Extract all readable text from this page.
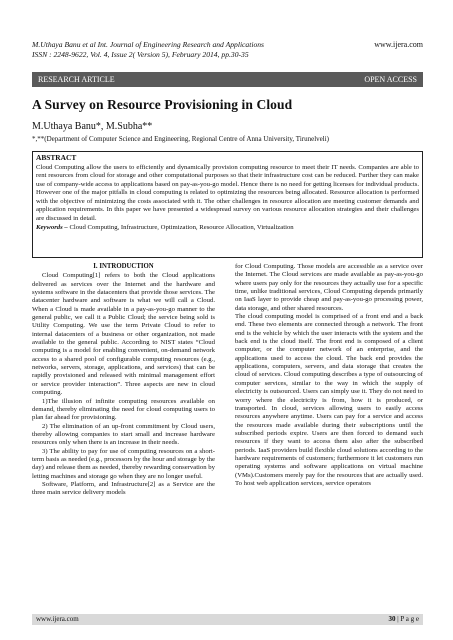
M.Uthaya Banu et al Int. Journal of Engineering Research and Applications
ISSN : 2248-9622, Vol. 4, Issue 2( Version 5), February 2014, pp.30-35
www.ijera.com
RESEARCH ARTICLE	OPEN ACCESS
A Survey on Resource Provisioning in Cloud
M.Uthaya Banu*, M.Subha**
*,**(Department of Computer Science and Engineering, Regional Centre of Anna University, Tirunelveli)
ABSTRACT
Cloud Computing allow the users to efficiently and dynamically provision computing resource to meet their IT needs. Companies are able to rent resources from cloud for storage and other computational purposes so that their infrastructure cost can be reduced. Further they can make use of company-wide access to applications based on pay-as-you-go model. Hence there is no need for getting licenses for individual products. However one of the major pitfalls in cloud computing is related to optimizing the resources being allocated. Resource allocation is performed with the objective of minimizing the costs associated with it. The other challenges in resource allocation are meeting customer demands and application requirements. In this paper we have presented a widespread survey on various resource allocation strategies and their challenges are discussed in detail.
Keywords – Cloud Computing, Infrastructure, Optimization, Resource Allocation, Virtualization
I. INTRODUCTION

Cloud Computing[1] refers to both the Cloud applications delivered as services over the Internet and the hardware and systems software in the datacenters that provide those services. The datacenter hardware and software is what we will call a Cloud. When a Cloud is made available in a pay-as-you-go manner to the general public, we call it a Public Cloud; the service being sold is Utility Computing. We use the term Private Cloud to refer to internal datacenters of a business or other organization, not made available to the general public. According to NIST states “Cloud computing is a model for enabling convenient, on-demand network access to a shared pool of configurable computing resources (e.g., networks, servers, storage, applications, and services) that can be rapidly provisioned and released with minimal management effort or service provider interaction”. Three aspects are new in cloud computing.

1)The illusion of infinite computing resources available on demand, thereby eliminating the need for cloud computing users to plan far ahead for provisioning.

2) The elimination of an up-front commitment by Cloud users, thereby allowing companies to start small and increase hardware resources only when there is an increase in their needs.

3) The ability to pay for use of computing resources on a short-term basis as needed (e.g., processors by the hour and storage by the day) and release them as needed, thereby rewarding conservation by letting machines and storage go when they are no longer useful.

Software, Platform, and Infrastructure[2] as a Service are the three main service delivery models

for Cloud Computing. Those models are accessible as a service over the Internet. The Cloud services are made available as pay-as-you-go where users pay only for the resources they actually use for a specific time, unlike traditional services, Cloud Computing depends primarily on IaaS layer to provide cheap and pay-as-you-go processing power, data storage, and other shared resources.

The cloud computing model is comprised of a front end and a back end. These two elements are connected through a network. The front end is the vehicle by which the user interacts with the system and the back end is the cloud itself. The front end is composed of a client computer, or the computer network of an enterprise, and the applications used to access the cloud. The back end provides the applications, computers, servers, and data storage that creates the cloud of services. Cloud computing describes a type of outsourcing of computer services, similar to the way in which the supply of electricity is outsourced. Users can simply use it. They do not need to worry where the electricity is from, how it is produced, or transported. In cloud, services allowing users to easily access resources anywhere anytime. Users can pay for a service and access the resources made available during their subscriptions until the subscribed periods expire. Users are then forced to demand such resources if they want to access them also after the subscribed periods. IaaS providers build flexible cloud solutions according to the hardware requirements of customers; furthermore it let customers run operating systems and software applications on virtual machine (VMs).Customers merely pay for the resources that are actually used. To host web application services, service operators

www.ijera.com	30 | P a g e
